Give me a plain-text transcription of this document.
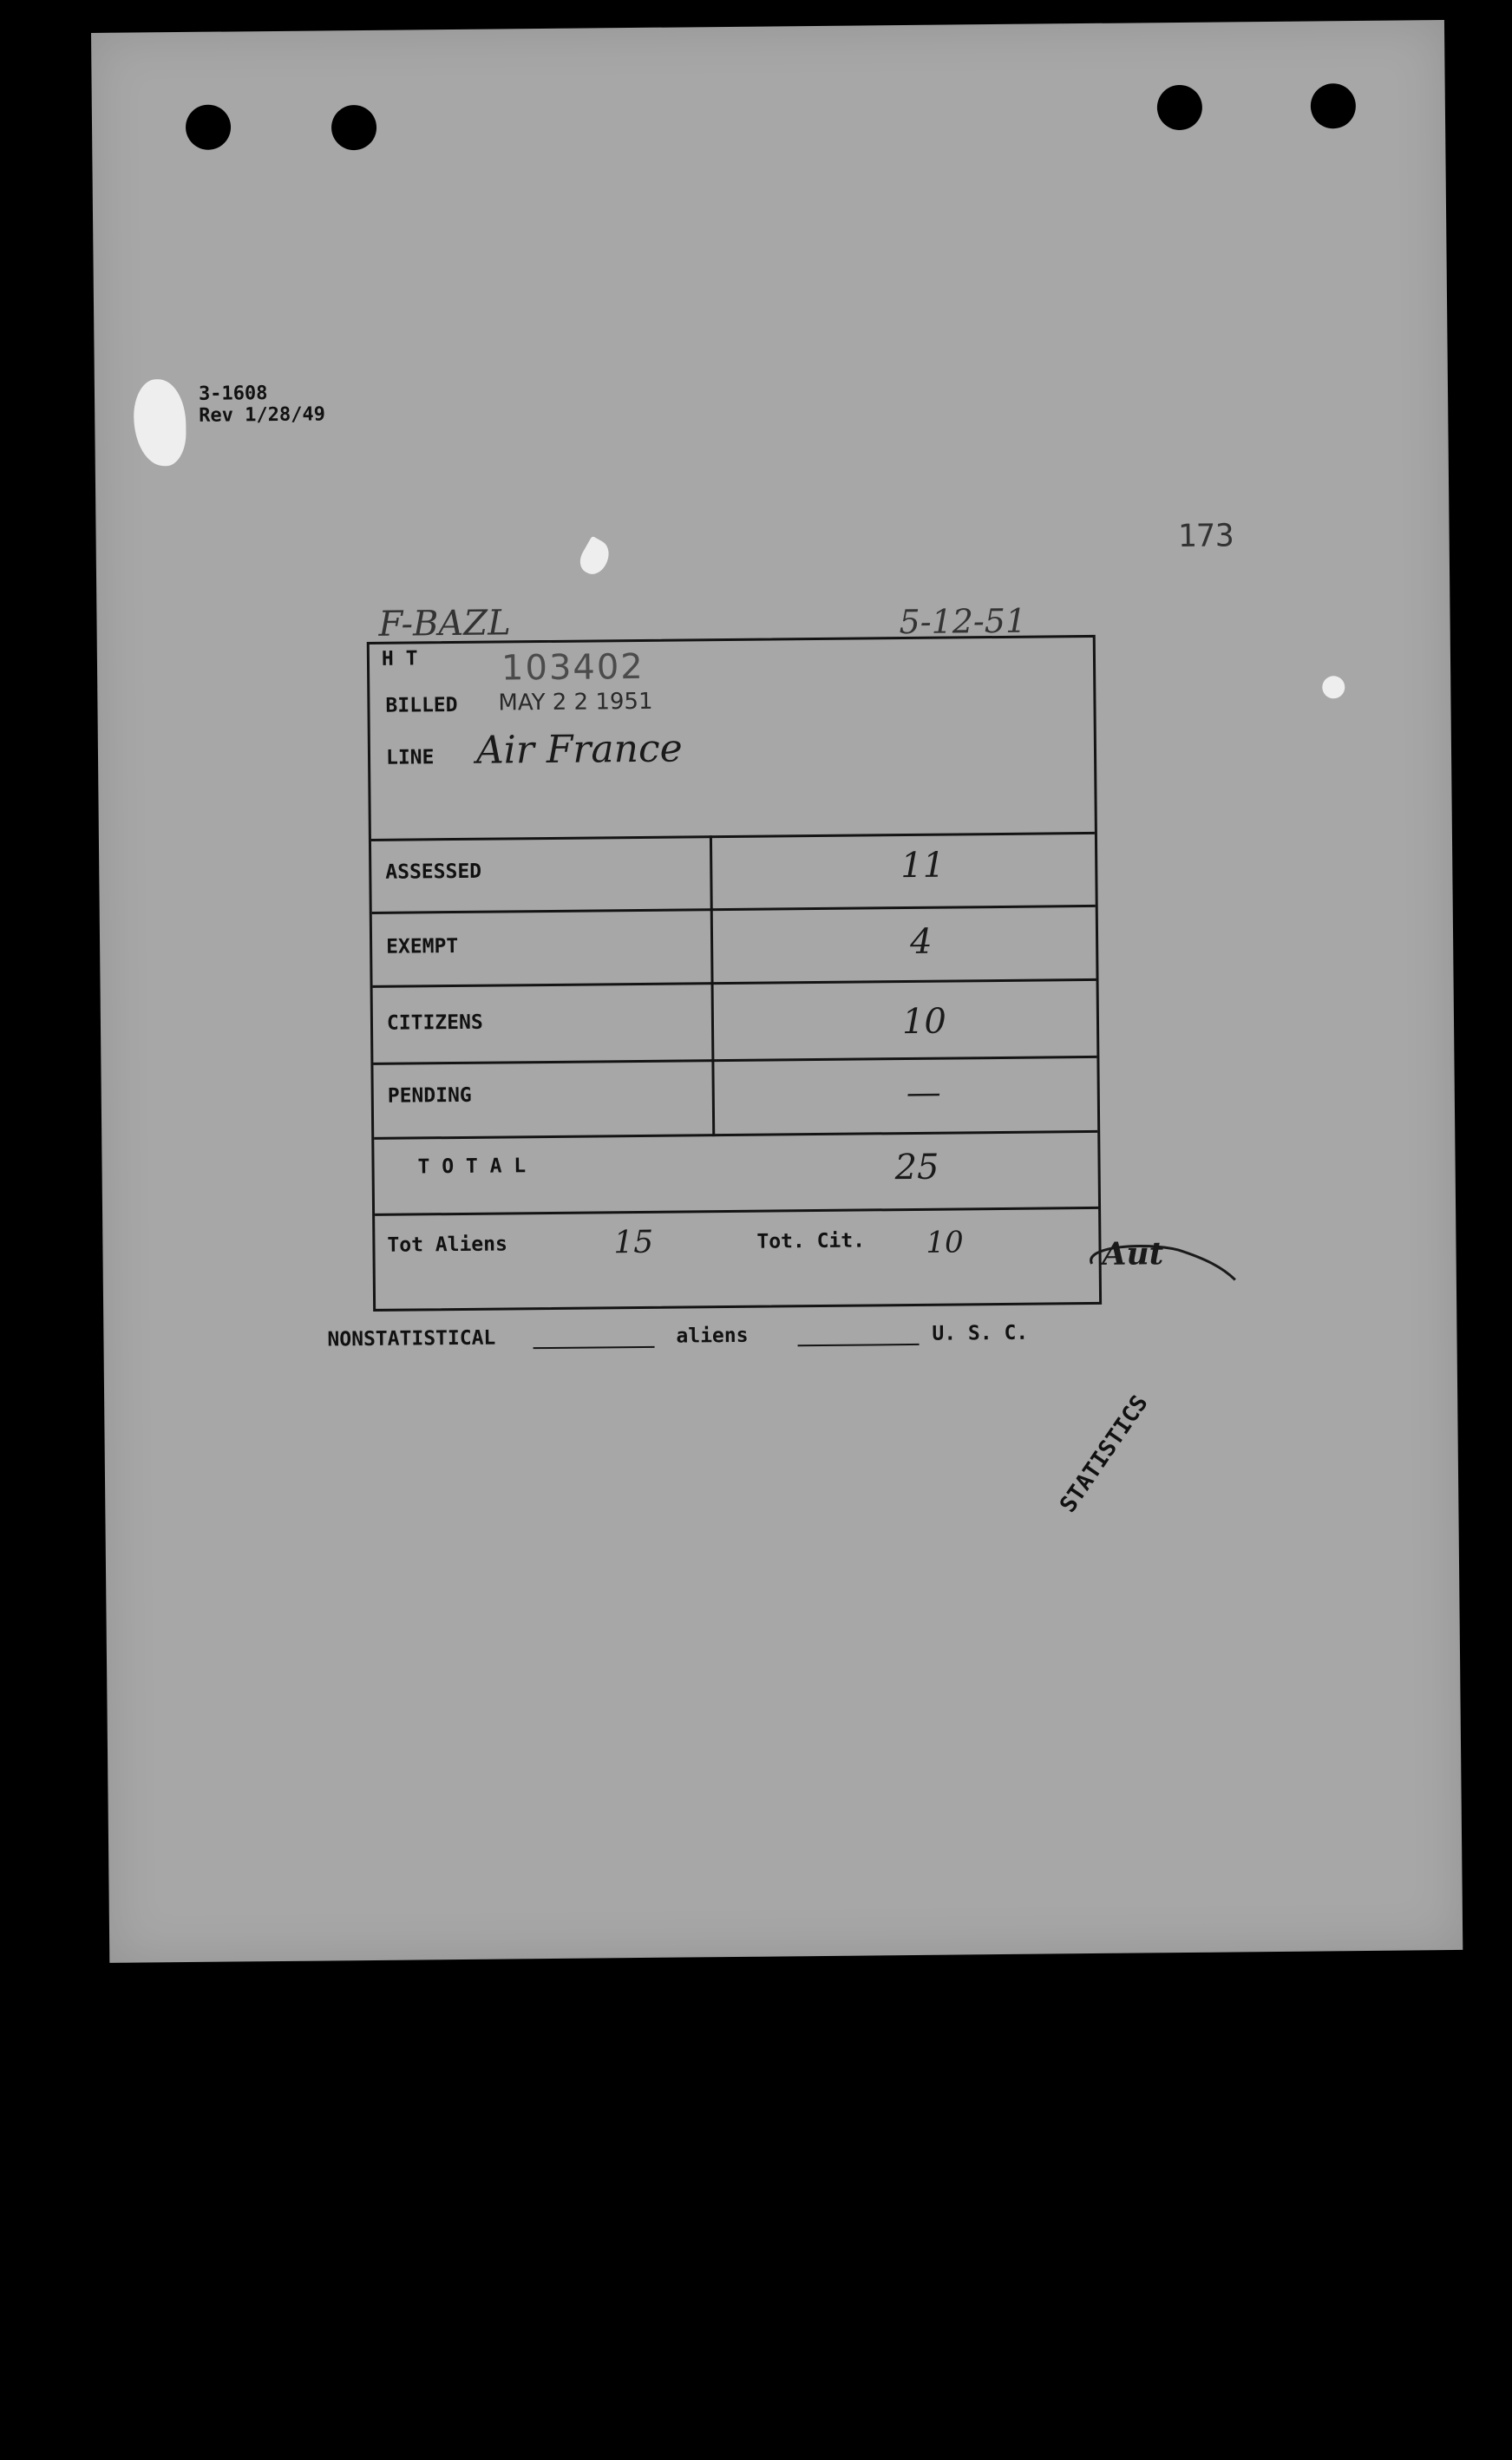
3-1608
Rev 1/28/49
173
F-BAZL	5-12-51
H T 103402
BILLED MAY 2 2 1951
LINE Air France
ASSESSED	11
EXEMPT	4
CITIZENS	10
PENDING	—
T O T A L	25
Tot Aliens	15	Tot. Cit. 10	Aut
NONSTATISTICAL	aliens	U. S. C.
STATISTICS
